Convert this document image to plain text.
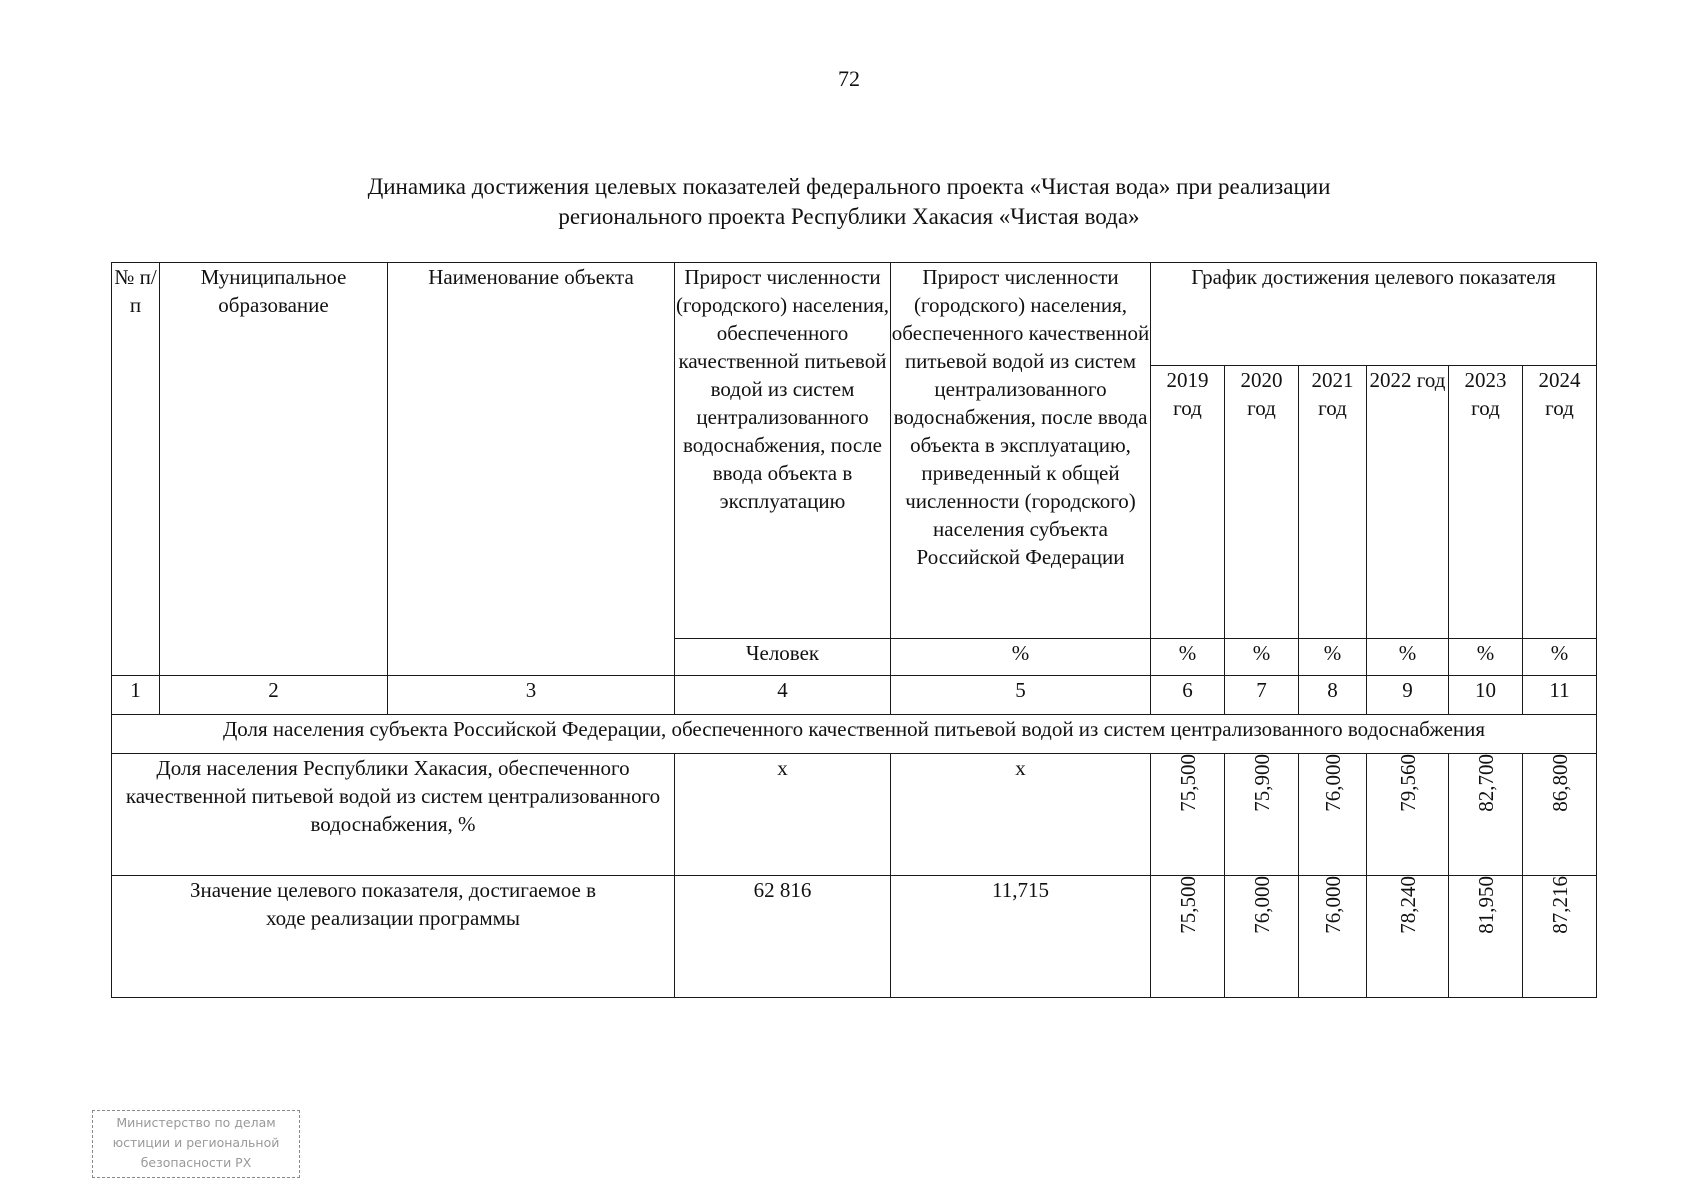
72
Динамика достижения целевых показателей федерального проекта «Чистая вода» при реализации
регионального проекта Республики Хакасия «Чистая вода»
№ п/п	Муниципальное образование	Наименование объекта	Прирост численности (городского) населения, обеспеченного качественной питьевой водой из систем централизованного водоснабжения, после ввода объекта в эксплуатацию	Прирост численности (городского) населения, обеспеченного качественной питьевой водой из систем централизованного водоснабжения, после ввода объекта в эксплуатацию, приведенный к общей численности (городского) населения субъекта Российской Федерации	График достижения целевого показателя					
					2019 год	2020 год	2021 год	2022 год	2023 год	2024 год
			Человек	%	%	%	%	%	%	%
1	2	3	4	5	6	7	8	9	10	11
Доля населения субъекта Российской Федерации, обеспеченного качественной питьевой водой из систем централизованного водоснабжения										
Доля населения Республики Хакасия, обеспеченного качественной питьевой водой из систем централизованного водоснабжения, %			х	х	75,500	75,900	76,000	79,560	82,700	86,800
Значение целевого показателя, достигаемое в ходе реализации программы			62 816	11,715	75,500	76,000	76,000	78,240	81,950	87,216
Министерство по делам
юстиции и региональной
безопасности РХ
